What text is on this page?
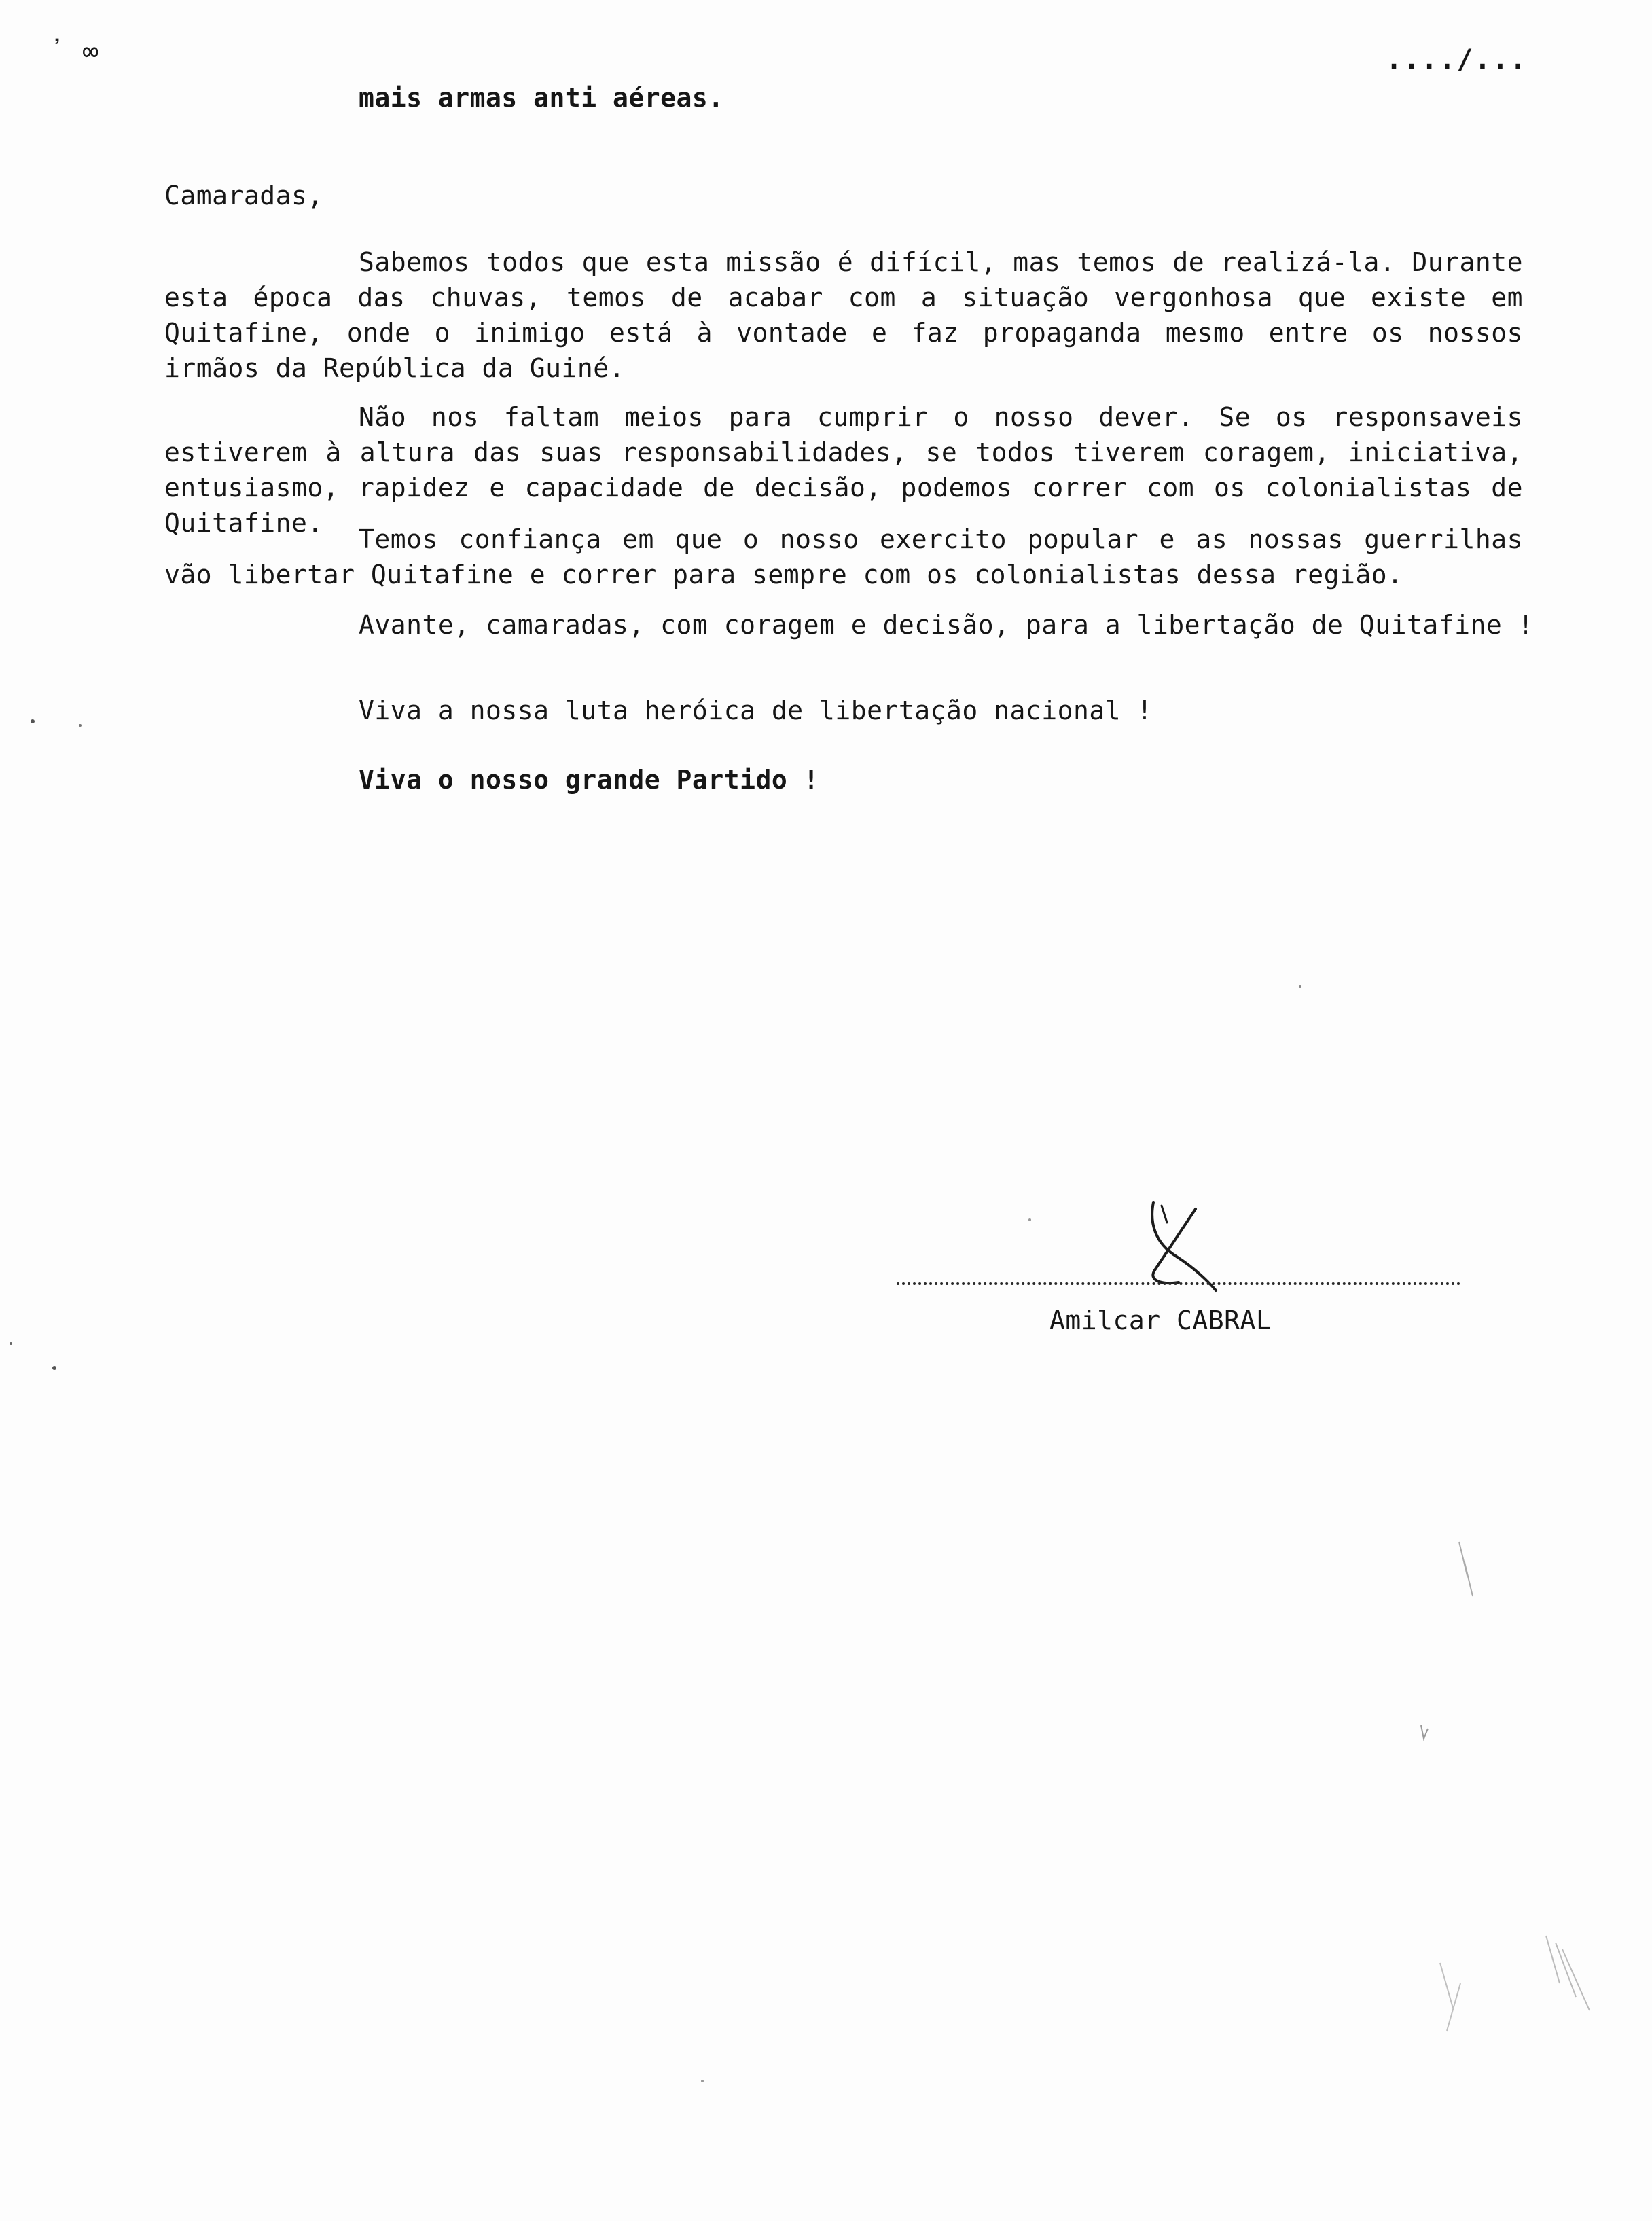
᾿ ∞	..../...
mais armas anti aéreas.
Camaradas,
Sabemos todos que esta missão é difícil, mas temos de realizá-la. Durante esta época das chuvas, temos de acabar com a situação vergonhosa que existe em Quitafine, onde o inimigo está à vontade e faz propaganda mesmo entre os nossos irmãos da República da Guiné.
Não nos faltam meios para cumprir o nosso dever. Se os responsaveis estiverem à altura das suas responsabilidades, se todos tiverem coragem, iniciativa, entusiasmo, rapidez e capacidade de decisão, podemos correr com os colonialistas de Quitafine.
Temos confiança em que o nosso exercito popular e as nossas guerrilhas vão libertar Quitafine e correr para sempre com os colonialistas dessa região.
Avante, camaradas, com coragem e decisão, para a libertação de Quitafine !
Viva a nossa luta heróica de libertação nacional !
Viva o nosso grande Partido !
Amilcar CABRAL
